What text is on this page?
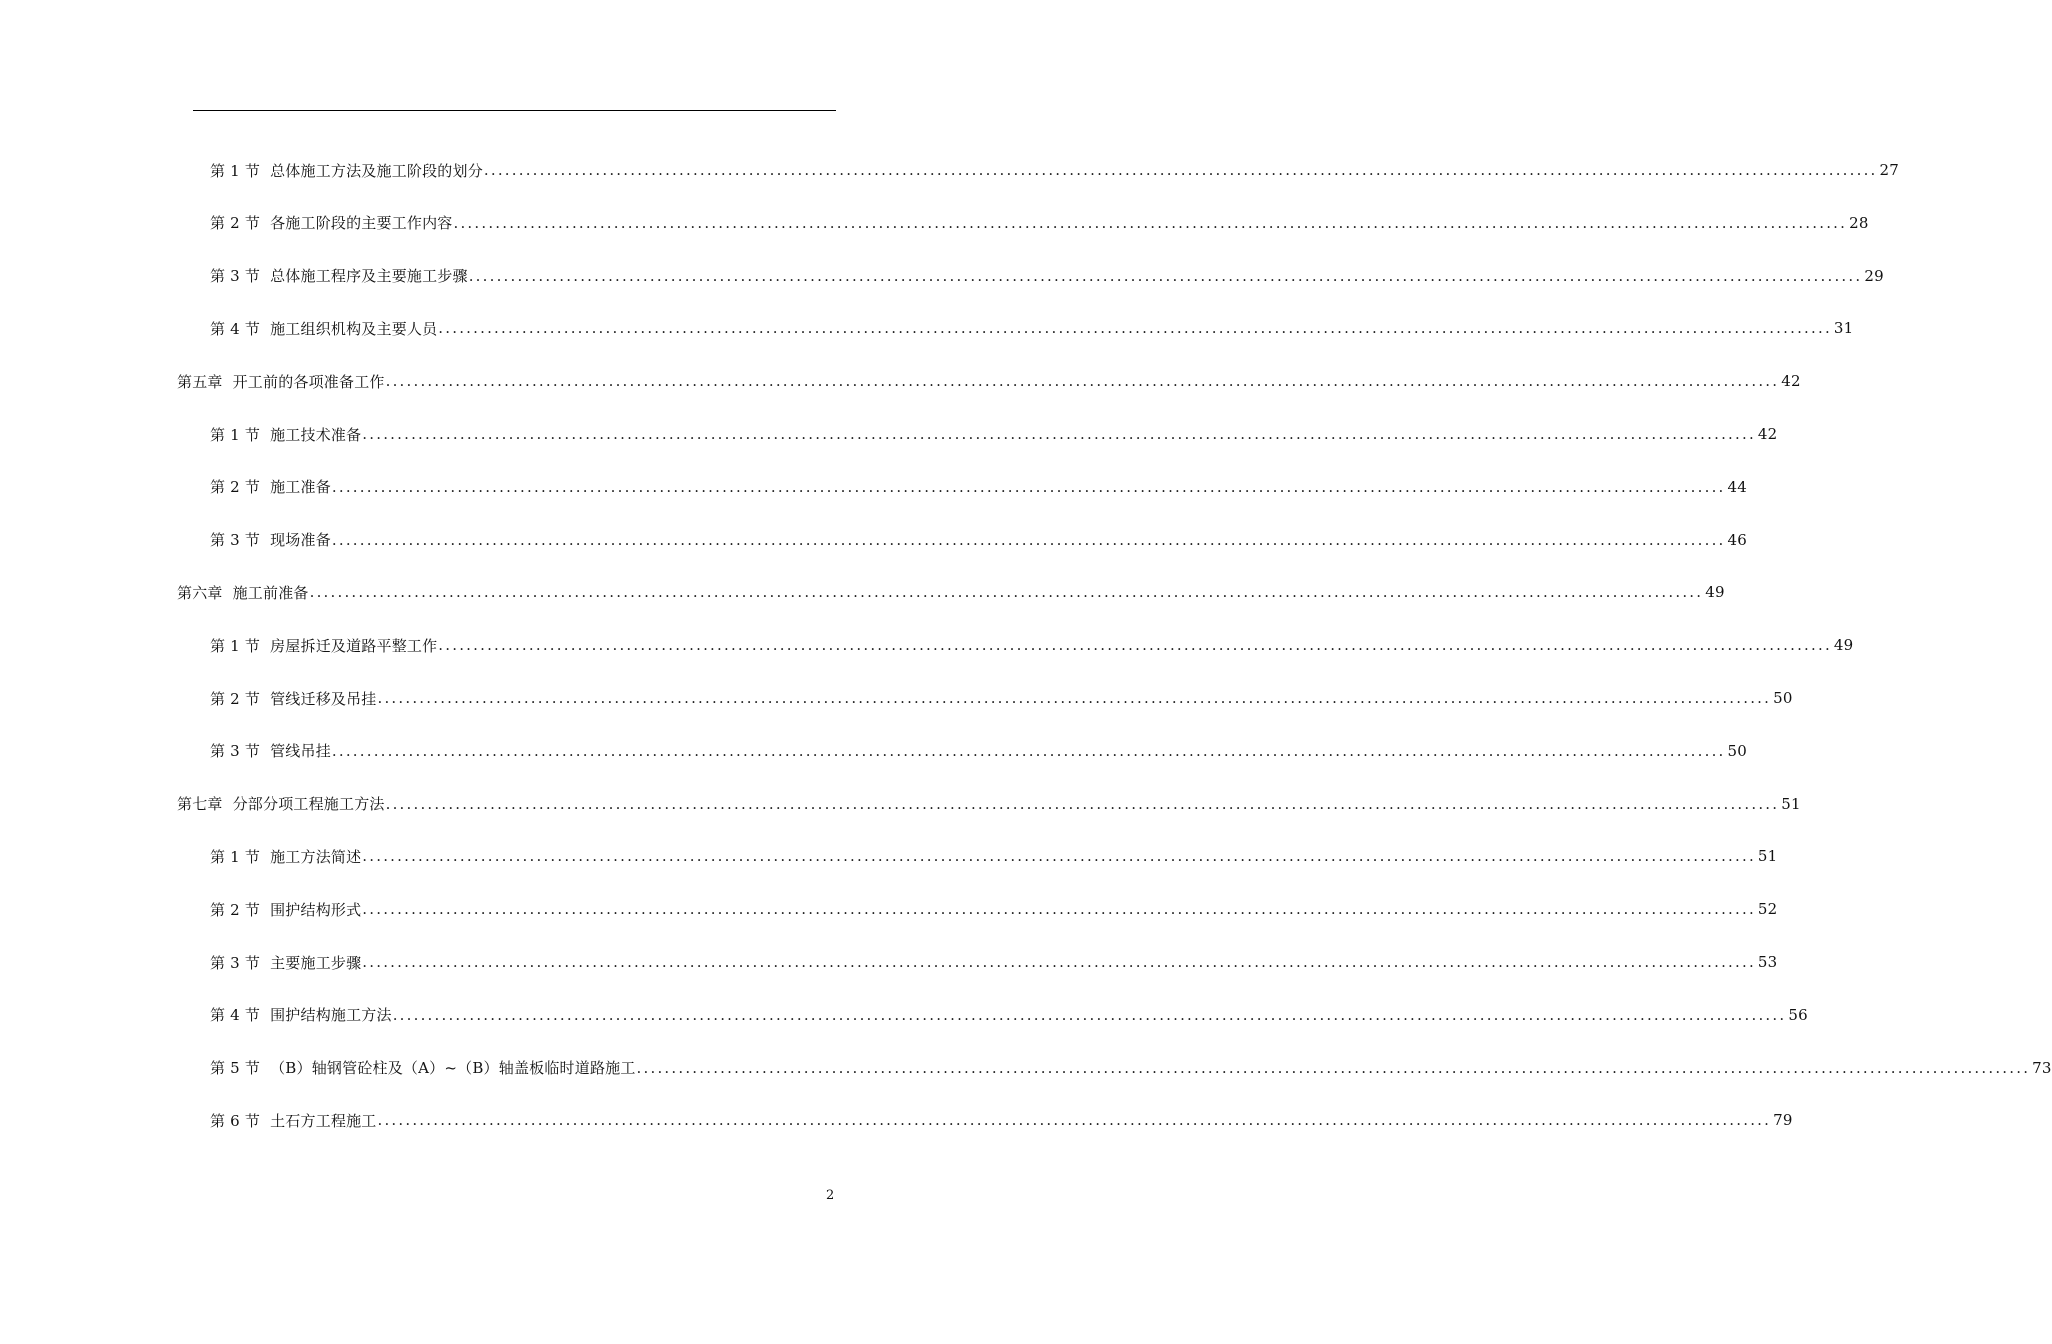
第 1 节 总体施工方法及施工阶段的划分 ........................................................................................................................................................................................................ 27
第 2 节 各施工阶段的主要工作内容 ........................................................................................................................................................................................................ 28
第 3 节 总体施工程序及主要施工步骤 ........................................................................................................................................................................................................ 29
第 4 节 施工组织机构及主要人员 ........................................................................................................................................................................................................ 31
第五章 开工前的各项准备工作 ........................................................................................................................................................................................................ 42
第 1 节 施工技术准备 ........................................................................................................................................................................................................ 42
第 2 节 施工准备 ........................................................................................................................................................................................................ 44
第 3 节 现场准备 ........................................................................................................................................................................................................ 46
第六章 施工前准备 ........................................................................................................................................................................................................ 49
第 1 节 房屋拆迁及道路平整工作 ........................................................................................................................................................................................................ 49
第 2 节 管线迁移及吊挂 ........................................................................................................................................................................................................ 50
第 3 节 管线吊挂 ........................................................................................................................................................................................................ 50
第七章 分部分项工程施工方法 ........................................................................................................................................................................................................ 51
第 1 节 施工方法简述 ........................................................................................................................................................................................................ 51
第 2 节 围护结构形式 ........................................................................................................................................................................................................ 52
第 3 节 主要施工步骤 ........................................................................................................................................................................................................ 53
第 4 节 围护结构施工方法 ........................................................................................................................................................................................................ 56
第 5 节 （B）轴钢管砼柱及（A）~（B）轴盖板临时道路施工 ........................................................................................................................................................................................................ 73
第 6 节 土石方工程施工 ........................................................................................................................................................................................................ 79
2
